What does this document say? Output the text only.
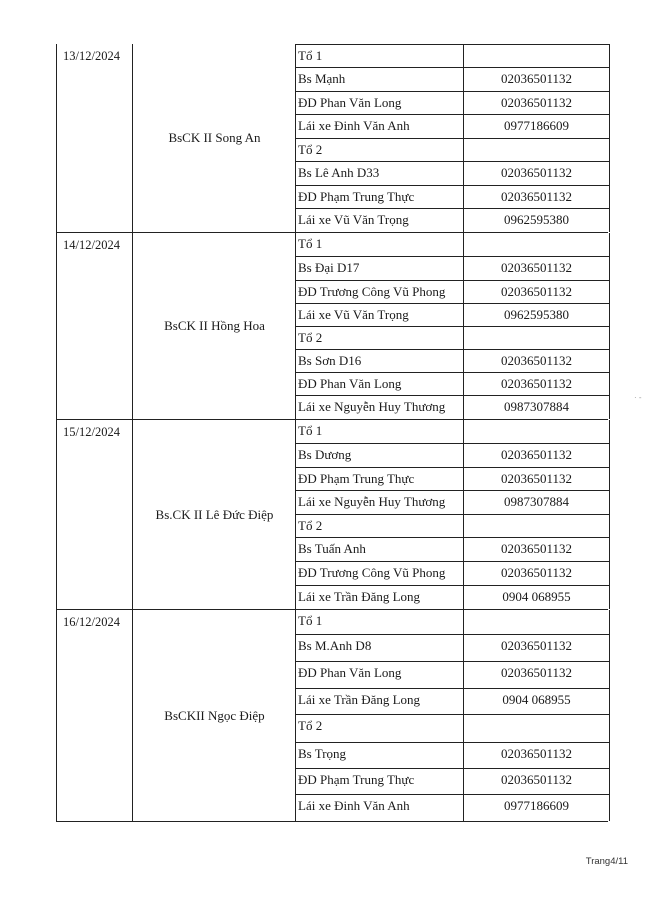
13/12/2024
BsCK II Song An
Tổ 1
Bs Mạnh	02036501132
ĐD Phan Văn Long	02036501132
Lái xe Đinh Văn Anh	0977186609
Tổ 2
Bs Lê Anh D33	02036501132
ĐD Phạm Trung Thực	02036501132
Lái xe Vũ Văn Trọng	0962595380
14/12/2024
BsCK II Hồng Hoa
Tổ 1
Bs Đại D17	02036501132
ĐD Trương Công Vũ Phong	02036501132
Lái xe Vũ Văn Trọng	0962595380
Tổ 2
Bs Sơn D16	02036501132
ĐD Phan Văn Long	02036501132
Lái xe Nguyễn Huy Thương	0987307884
15/12/2024
Bs.CK II Lê Đức Điệp
Tổ 1
Bs Dương	02036501132
ĐD Phạm Trung Thực	02036501132
Lái xe Nguyễn Huy Thương	0987307884
Tổ 2
Bs Tuấn Anh	02036501132
ĐD Trương Công Vũ Phong	02036501132
Lái xe Trần Đăng Long	0904 068955
16/12/2024
BsCKII Ngọc Điệp
Tổ 1
Bs M.Anh D8	02036501132
ĐD Phan Văn Long	02036501132
Lái xe Trần Đăng Long	0904 068955
Tổ 2
Bs Trọng	02036501132
ĐD Phạm Trung Thực	02036501132
Lái xe Đinh Văn Anh	0977186609
· -
Trang4/11
